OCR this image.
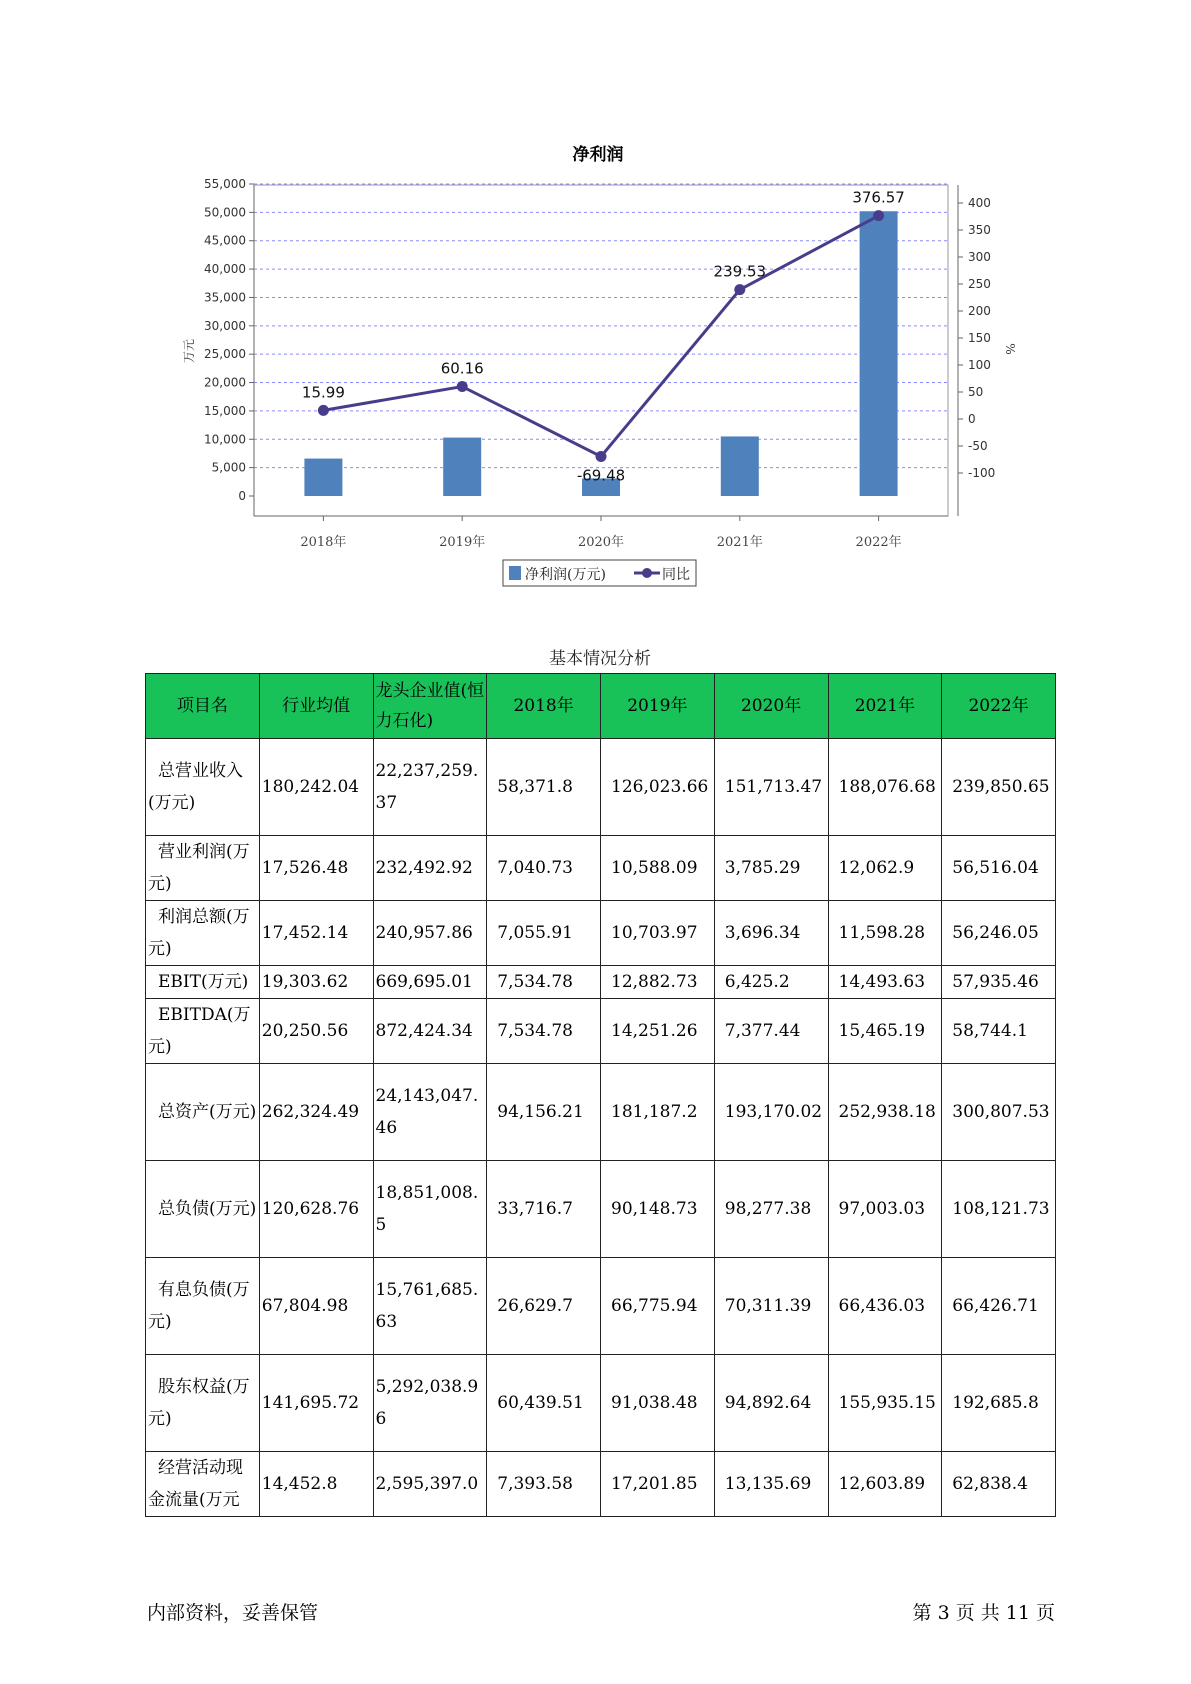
净利润
0
5,000
10,000
15,000
20,000
25,000
30,000
35,000
40,000
45,000
50,000
55,000
-100
-50
0
50
100
150
200
250
300
350
400
15.99
60.16
-69.48
239.53
376.57
2018年	2019年	2020年	2021年	2022年
万元	%
净利润(万元)	同比
基本情况分析
项目名	行业均值	龙头企业值(恒力石化)	2018年	2019年	2020年	2021年	2022年
总营业收入(万元)	180,242.04	22,237,259.37	58,371.8	126,023.66	151,713.47	188,076.68	239,850.65
营业利润(万元)	17,526.48	232,492.92	7,040.73	10,588.09	3,785.29	12,062.9	56,516.04
利润总额(万元)	17,452.14	240,957.86	7,055.91	10,703.97	3,696.34	11,598.28	56,246.05
EBIT(万元)	19,303.62	669,695.01	7,534.78	12,882.73	6,425.2	14,493.63	57,935.46
EBITDA(万元)	20,250.56	872,424.34	7,534.78	14,251.26	7,377.44	15,465.19	58,744.1
总资产(万元)	262,324.49	24,143,047.46	94,156.21	181,187.2	193,170.02	252,938.18	300,807.53
总负债(万元)	120,628.76	18,851,008.5	33,716.7	90,148.73	98,277.38	97,003.03	108,121.73
有息负债(万元)	67,804.98	15,761,685.63	26,629.7	66,775.94	70,311.39	66,436.03	66,426.71
股东权益(万元)	141,695.72	5,292,038.96	60,439.51	91,038.48	94,892.64	155,935.15	192,685.8
经营活动现金流量(万元	14,452.8	2,595,397.0	7,393.58	17,201.85	13,135.69	12,603.89	62,838.4
内部资料，妥善保管	第 3 页 共 11 页
